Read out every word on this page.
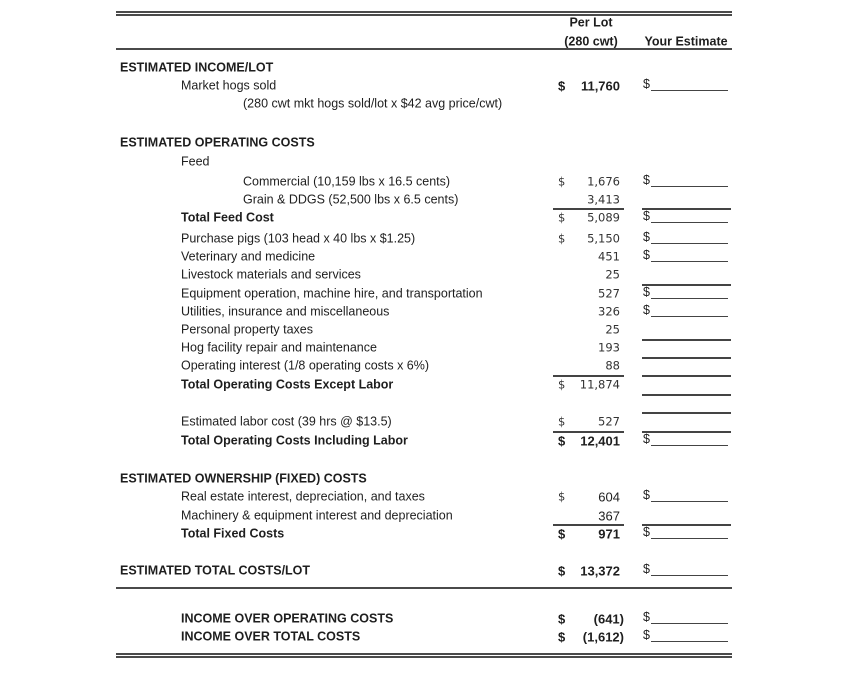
Per Lot
(280 cwt)	Your Estimate
ESTIMATED INCOME/LOT
Market hogs sold	$ 11,760 $
(280 cwt mkt hogs sold/lot x $42 avg price/cwt)
ESTIMATED OPERATING COSTS
Feed
Commercial (10,159 lbs x 16.5 cents)	$ 1,676 $
Grain & DDGS (52,500 lbs x 6.5 cents)	3,413
Total Feed Cost	$ 5,089 $
Purchase pigs (103 head x 40 lbs x $1.25)	$ 5,150 $
Veterinary and medicine	451 $
Livestock materials and services	25
Equipment operation, machine hire, and transportation	527 $
Utilities, insurance and miscellaneous	326 $
Personal property taxes	25
Hog facility repair and maintenance	193
Operating interest (1/8 operating costs x 6%)	88
Total Operating Costs Except Labor	$ 11,874
Estimated labor cost (39 hrs @ $13.5)	$	527
Total Operating Costs Including Labor	$ 12,401 $
ESTIMATED OWNERSHIP (FIXED) COSTS
Real estate interest, depreciation, and taxes	$	604 $
Machinery & equipment interest and depreciation	367
Total Fixed Costs	$	971 $
ESTIMATED TOTAL COSTS/LOT	$ 13,372 $
INCOME OVER OPERATING COSTS	$ (641) $
INCOME OVER TOTAL COSTS	$ (1,612) $
